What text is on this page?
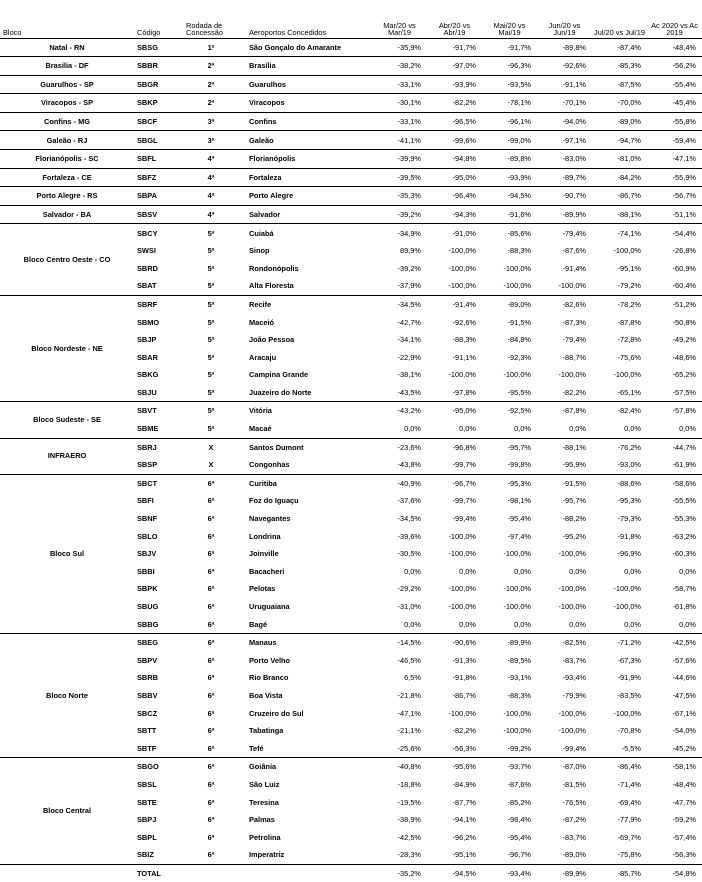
Bloco	Código	Rodada de Concessão	Aeroportos Concedidos	Mar/20 vs Mar/19	Abr/20 vs Abr/19	Mai/20 vs Mai/19	Jun/20 vs Jun/19	Jul/20 vs Jul/19	Ac 2020 vs Ac 2019
Natal - RN	SBSG	1ª	São Gonçalo do Amarante	-35,9%	-91,7%	-91,7%	-89,8%	-87,4%	-48,4%
Brasília - DF	SBBR	2ª	Brasília	-38,2%	-97,0%	-96,3%	-92,6%	-85,3%	-56,2%
Guarulhos - SP	SBGR	2ª	Guarulhos	-33,1%	-93,9%	-93,5%	-91,1%	-87,5%	-55,4%
Viracopos - SP	SBKP	2ª	Viracopos	-30,1%	-82,2%	-78,1%	-70,1%	-70,0%	-45,4%
Confins - MG	SBCF	3ª	Confins	-33,1%	-96,5%	-96,1%	-94,0%	-89,0%	-55,8%
Galeão - RJ	SBGL	3ª	Galeão	-41,1%	-99,6%	-99,0%	-97,1%	-94,7%	-59,4%
Florianópolis - SC	SBFL	4ª	Florianópolis	-39,9%	-94,8%	-89,8%	-83,0%	-81,0%	-47,1%
Fortaleza - CE	SBFZ	4ª	Fortaleza	-39,5%	-95,0%	-93,9%	-89,7%	-84,2%	-55,9%
Porto Alegre - RS	SBPA	4ª	Porto Alegre	-35,3%	-96,4%	-94,5%	-90,7%	-86,7%	-56,7%
Salvador - BA	SBSV	4ª	Salvador	-39,2%	-94,3%	-91,6%	-89,9%	-88,1%	-51,1%
Bloco Centro Oeste - CO	SBCY	5ª	Cuiabá	-34,9%	-91,0%	-85,6%	-79,4%	-74,1%	-54,4%
	SWSI	5ª	Sinop	89,9%	-100,0%	-88,3%	-87,6%	-100,0%	-26,8%
	SBRD	5ª	Rondonópolis	-39,2%	-100,0%	-100,0%	-91,4%	-95,1%	-60,9%
	SBAT	5ª	Alta Floresta	-37,9%	-100,0%	-100,0%	-100,0%	-79,2%	-60,4%
Bloco Nordeste - NE	SBRF	5ª	Recife	-34,5%	-91,4%	-89,0%	-82,6%	-78,2%	-51,2%
	SBMO	5ª	Maceió	-42,7%	-92,6%	-91,5%	-87,3%	-87,8%	-50,8%
	SBJP	5ª	João Pessoa	-34,1%	-88,3%	-84,8%	-79,4%	-72,8%	-49,2%
	SBAR	5ª	Aracaju	-22,9%	-91,1%	-92,3%	-88,7%	-75,6%	-48,6%
	SBKG	5ª	Campina Grande	-38,1%	-100,0%	-100,0%	-100,0%	-100,0%	-65,2%
	SBJU	5ª	Juazeiro do Norte	-43,5%	-97,8%	-95,5%	-82,2%	-65,1%	-57,5%
Bloco Sudeste - SE	SBVT	5ª	Vitória	-43,2%	-95,0%	-92,5%	-87,8%	-82,4%	-57,8%
	SBME	5ª	Macaé	0,0%	0,0%	0,0%	0,0%	0,0%	0,0%
INFRAERO	SBRJ	X	Santos Dumont	-23,6%	-96,8%	-95,7%	-88,1%	-76,2%	-44,7%
	SBSP	X	Congonhas	-43,8%	-99,7%	-99,8%	-95,9%	-93,0%	-61,9%
Bloco Sul	SBCT	6ª	Curitiba	-40,9%	-96,7%	-95,3%	-91,5%	-88,6%	-58,6%
	SBFI	6ª	Foz do Iguaçu	-37,6%	-99,7%	-98,1%	-95,7%	-95,3%	-55,5%
	SBNF	6ª	Navegantes	-34,5%	-99,4%	-95,4%	-88,2%	-79,3%	-55,3%
	SBLO	6ª	Londrina	-39,6%	-100,0%	-97,4%	-95,2%	-91,8%	-63,2%
	SBJV	6ª	Joinville	-30,5%	-100,0%	-100,0%	-100,0%	-96,9%	-60,3%
	SBBI	6ª	Bacacheri	0,0%	0,0%	0,0%	0,0%	0,0%	0,0%
	SBPK	6ª	Pelotas	-29,2%	-100,0%	-100,0%	-100,0%	-100,0%	-58,7%
	SBUG	6ª	Uruguaiana	-31,0%	-100,0%	-100,0%	-100,0%	-100,0%	-61,8%
	SBBG	6ª	Bagé	0,0%	0,0%	0,0%	0,0%	0,0%	0,0%
Bloco Norte	SBEG	6ª	Manaus	-14,5%	-90,6%	-89,9%	-82,5%	-71,2%	-42,5%
	SBPV	6ª	Porto Velho	-46,5%	-91,3%	-89,5%	-83,7%	-67,3%	-57,6%
	SBRB	6ª	Rio Branco	6,5%	-91,8%	-93,1%	-93,4%	-91,9%	-44,6%
	SBBV	6ª	Boa Vista	-21,8%	-86,7%	-88,3%	-79,9%	-83,5%	-47,5%
	SBCZ	6ª	Cruzeiro do Sul	-47,1%	-100,0%	-100,0%	-100,0%	-100,0%	-67,1%
	SBTT	6ª	Tabatinga	-21,1%	-82,2%	-100,0%	-100,0%	-70,8%	-54,0%
	SBTF	6ª	Tefé	-25,6%	-56,3%	-99,2%	-99,4%	-5,5%	-45,2%
Bloco Central	SBGO	6ª	Goiânia	-40,8%	-95,6%	-93,7%	-87,0%	-86,4%	-58,1%
	SBSL	6ª	São Luiz	-18,8%	-84,9%	-87,6%	-81,5%	-71,4%	-48,4%
	SBTE	6ª	Teresina	-19,5%	-87,7%	-85,2%	-76,5%	-69,4%	-47,7%
	SBPJ	6ª	Palmas	-38,9%	-94,1%	-98,4%	-87,2%	-77,9%	-59,2%
	SBPL	6ª	Petrolina	-42,5%	-96,2%	-95,4%	-83,7%	-69,7%	-57,4%
	SBIZ	6ª	Imperatriz	-28,3%	-95,1%	-96,7%	-89,0%	-75,8%	-56,3%
	TOTAL			-35,2%	-94,5%	-93,4%	-89,9%	-85,7%	-54,8%
